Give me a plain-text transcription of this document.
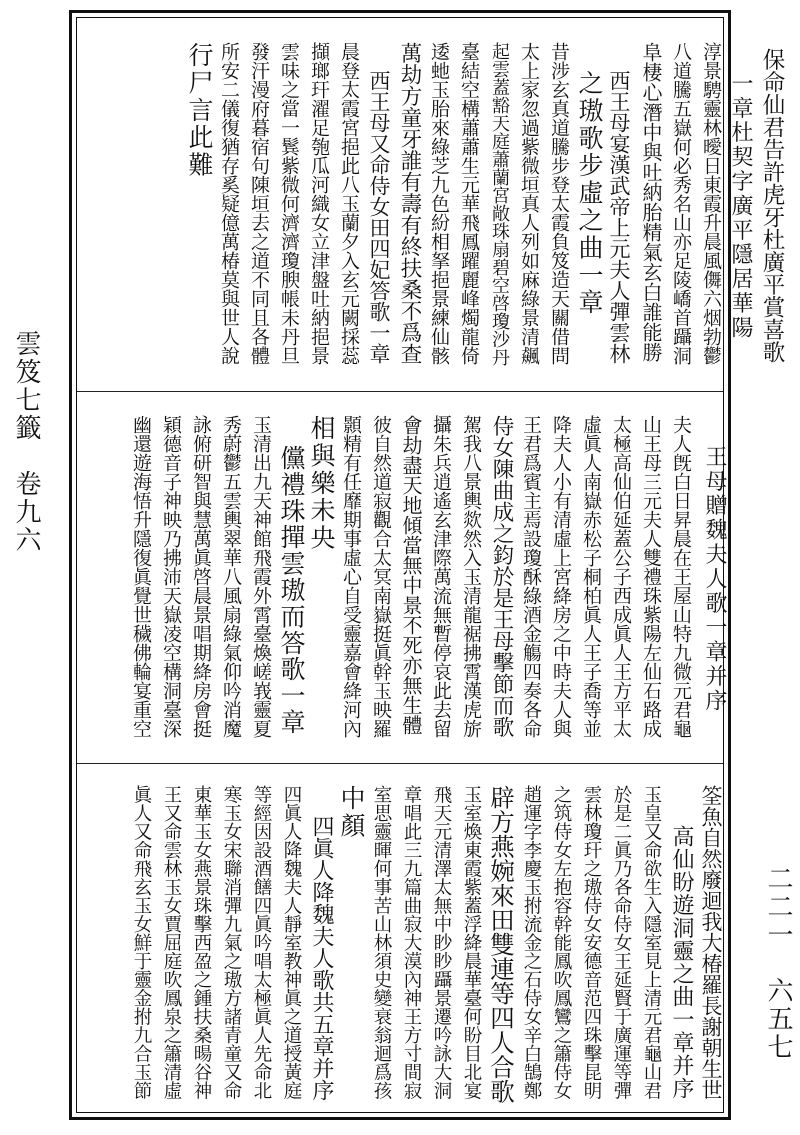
雲笈七籤　卷九六
二二一　六五七
保命仙君告許虎牙杜廣平賞喜歌
一章杜契字廣平隱居華陽
淳景騁靈林曖日東霞升晨風儛六烟勃鬱
八道騰五嶽何必秀名山亦足陵嶠首躡洞
阜棲心潛中與吐納胎精氣玄白誰能勝
西王母宴漢武帝上元夫人彈雲林
之璈歌步虛之曲一章
昔涉玄真道騰步登太霞負笈造天關借問
太上家忽過紫微垣真人列如麻綠景清飆
起雲蓋豁天庭蕭蘭宮敞珠扇碧空啓瓊沙丹
臺結空構蕭蕭生元華飛鳳躍麗峰燭龍倚
逶虵玉胎來綠芝九色紛相拏挹景練仙骸
萬劫方童牙誰有壽有終扶桑不爲查
西王母又命侍女田四妃答歌一章
晨登太霞宮挹此八玉蘭夕入玄元闕採蕊
擷瑯玕濯足匏瓜河織女立津盤吐納挹景
雲味之當一鬂紫微何濟濟瓊腴帳未丹旦
發汗漫府暮宿句陳垣去之道不同且各體
所安二儀復猶存奚疑億萬椿莫與世人說
行尸言此難
王母贈魏夫人歌一章并序
夫人旣白日昇晨在王屋山特九微元君龜
山王母三元夫人雙禮珠紫陽左仙石路成
太極高仙伯延蓋公子西成眞人王方平太
虛眞人南嶽赤松子桐柏眞人王子喬等並
降夫人小有清虛上宮絳房之中時夫人與
王君爲賓主焉設瓊酥綠酒金觴四奏各命
侍女陳曲成之鈞於是王母擊節而歌
駕我八景輿欻然入玉清龍裾拂霄漢虎旂
攝朱兵逍遙玄津際萬流無暫停哀此去留
會劫盡天地傾當無中景不死亦無生體
彼自然道寂觀合太冥南嶽挺眞幹玉映羅
顥精有任靡期事虛心自受靈嘉會絳河內
相與樂未央
儻禮珠撣雲璈而答歌一章
玉清出九天神館飛霞外霄臺煥嵯峩靈夏
秀蔚鬱五雲輿翠華八風扇綠氣仰吟消魔
詠俯研智與慧萬眞啓晨景唱期絳房會挺
穎德音子神映乃拂沛天嶽凌空構洞臺深
幽還遊海悟升隱復眞覺世穢佛輪宴重空
筌魚自然廢迴我大椿羅長謝朝生世
高仙盼遊洞靈之曲一章并序
玉皇又命欲生入隱室見上清元君龜山君
於是二眞乃各命侍女王延賢于廣運等彈
雲林瓊玕之璈侍女安德音范四珠擊昆明
之筑侍女左抱容幹能鳳吹鳳鸞之簫侍女
趙運字李慶玉拊流金之石侍女辛白鵠鄭
辟方燕婉來田雙連等四人合歌
玉室煥東霞紫蓋浮絳晨華臺何盼目北宴
飛天元清澤太無中眇眇躡景遷吟詠大洞
章唱此三九篇曲寂大漠內神王方寸間寂
室思靈暉何事苦山林須史變衰翁迴爲孩
中顏
四眞人降魏夫人歌共五章并序
四眞人降魏夫人靜室教神眞之道授黃庭
等經因設酒饍四眞吟唱太極眞人先命北
寒玉女宋聯消彈九氣之璈方諸青童又命
東華玉女燕景珠擊西盈之鍾扶桑暘谷神
王又命雲林玉女賈屈庭吹鳳泉之簫清虛
眞人又命飛玄玉女鮮于靈金拊九合玉節
